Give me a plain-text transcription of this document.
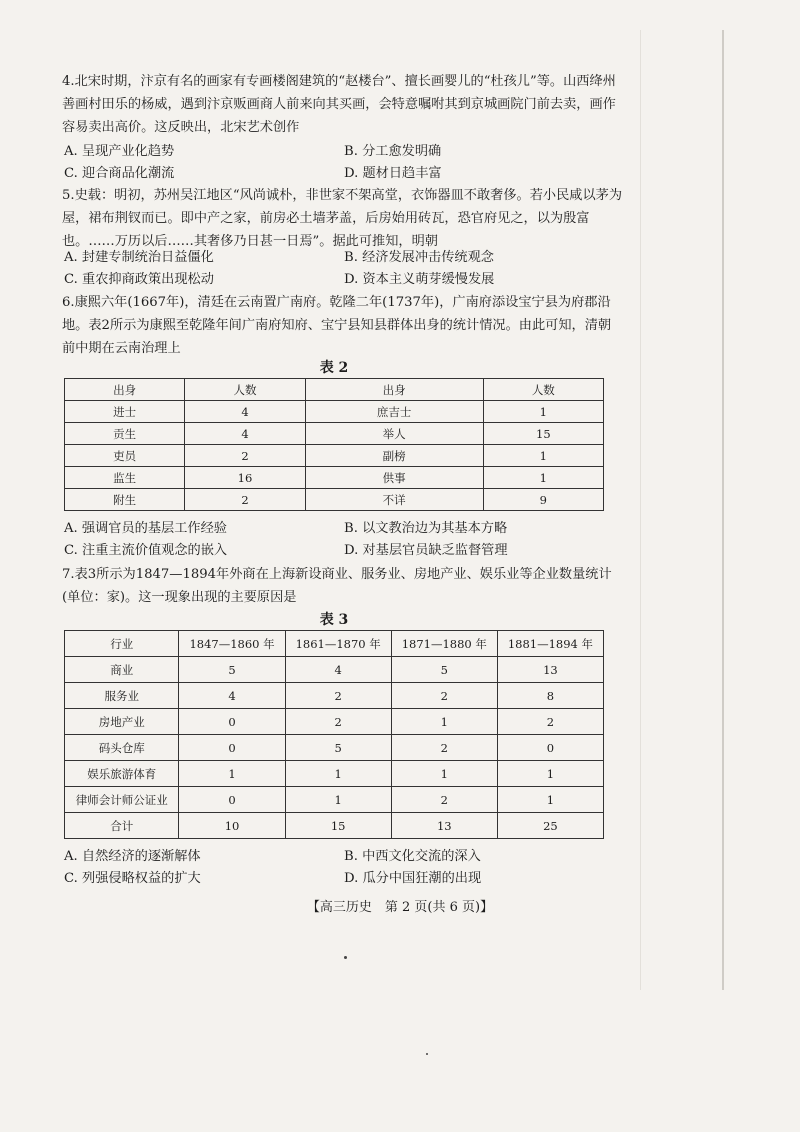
4.北宋时期，汴京有名的画家有专画楼阁建筑的“赵楼台”、擅长画婴儿的“杜孩儿”等。山西绛州善画村田乐的杨威，遇到汴京贩画商人前来向其买画，会特意嘱咐其到京城画院门前去卖，画作容易卖出高价。这反映出，北宋艺术创作

A. 呈现产业化趋势	B. 分工愈发明确
C. 迎合商品化潮流	D. 题材日趋丰富

5.史载：明初，苏州吴江地区“风尚诚朴，非世家不架高堂，衣饰器皿不敢奢侈。若小民咸以茅为屋，裙布荆钗而已。即中产之家，前房必土墙茅盖，后房始用砖瓦，恐官府见之，以为殷富也。……万历以后……其奢侈乃日甚一日焉”。据此可推知，明朝

A. 封建专制统治日益僵化	B. 经济发展冲击传统观念
C. 重农抑商政策出现松动	D. 资本主义萌芽缓慢发展

6.康熙六年(1667年)，清廷在云南置广南府。乾隆二年(1737年)，广南府添设宝宁县为府郡沿地。表2所示为康熙至乾隆年间广南府知府、宝宁县知县群体出身的统计情况。由此可知，清朝前中期在云南治理上

表 2
出身	人数	出身	人数
进士	4	庶吉士	1
贡生	4	举人	15
吏员	2	副榜	1
监生	16	供事	1
附生	2	不详	9
A. 强调官员的基层工作经验	B. 以文教治边为其基本方略
C. 注重主流价值观念的嵌入	D. 对基层官员缺乏监督管理

7.表3所示为1847—1894年外商在上海新设商业、服务业、房地产业、娱乐业等企业数量统计(单位：家)。这一现象出现的主要原因是

表 3
行业	1847—1860 年	1861—1870 年	1871—1880 年	1881—1894 年
商业	5	4	5	13
服务业	4	2	2	8
房地产业	0	2	1	2
码头仓库	0	5	2	0
娱乐旅游体育	1	1	1	1
律师会计师公证业	0	1	2	1
合计	10	15	13	25
A. 自然经济的逐渐解体	B. 中西文化交流的深入
C. 列强侵略权益的扩大	D. 瓜分中国狂潮的出现
【高三历史　第 2 页(共 6 页)】
